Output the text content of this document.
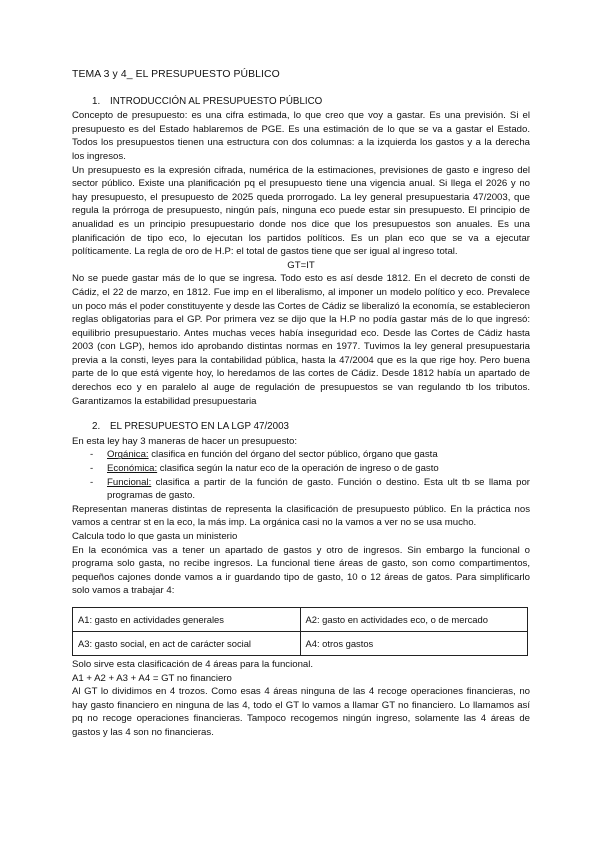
TEMA 3 y 4_ EL PRESUPUESTO PÚBLICO
1. INTRODUCCIÓN AL PRESUPUESTO PÚBLICO

Concepto de presupuesto: es una cifra estimada, lo que creo que voy a gastar. Es una previsión. Si el presupuesto es del Estado hablaremos de PGE. Es una estimación de lo que se va a gastar el Estado. Todos los presupuestos tienen una estructura con dos columnas: a la izquierda los gastos y a la derecha los ingresos.

Un presupuesto es la expresión cifrada, numérica de la estimaciones, previsiones de gasto e ingreso del sector público. Existe una planificación pq el presupuesto tiene una vigencia anual. Si llega el 2026 y no hay presupuesto, el presupuesto de 2025 queda prorrogado. La ley general presupuestaria 47/2003, que regula la prórroga de presupuesto, ningún país, ninguna eco puede estar sin presupuesto. El principio de anualidad es un principio presupuestario donde nos dice que los presupuestos son anuales. Es una planificación de tipo eco, lo ejecutan los partidos políticos. Es un plan eco que se va a ejecutar políticamente. La regla de oro de H.P: el total de gastos tiene que ser igual al ingreso total.

GT=IT

No se puede gastar más de lo que se ingresa. Todo esto es así desde 1812. En el decreto de consti de Cádiz, el 22 de marzo, en 1812. Fue imp en el liberalismo, al imponer un modelo político y eco. Prevalece un poco más el poder constituyente y desde las Cortes de Cádiz se liberalizó la economía, se establecieron reglas obligatorias para el GP. Por primera vez se dijo que la H.P no podía gastar más de lo que ingresó: equilibrio presupuestario. Antes muchas veces había inseguridad eco. Desde las Cortes de Cádiz hasta 2003 (con LGP), hemos ido aprobando distintas normas en 1977. Tuvimos la ley general presupuestaria previa a la consti, leyes para la contabilidad pública, hasta la 47/2004 que es la que rige hoy. Pero buena parte de lo que está vigente hoy, lo heredamos de las cortes de Cádiz. Desde 1812 había un apartado de derechos eco y en paralelo al auge de regulación de presupuestos se van regulando tb los tributos. Garantizamos la estabilidad presupuestaria

2. EL PRESUPUESTO EN LA LGP 47/2003

En esta ley hay 3 maneras de hacer un presupuesto:

- Orgánica: clasifica en función del órgano del sector público, órgano que gasta
- Económica: clasifica según la natur eco de la operación de ingreso o de gasto
- Funcional: clasifica a partir de la función de gasto. Función o destino. Esta ult tb se llama por programas de gasto.

Representan maneras distintas de representa la clasificación de presupuesto público. En la práctica nos vamos a centrar st en la eco, la más imp. La orgánica casi no la vamos a ver no se usa mucho.

Calcula todo lo que gasta un ministerio

En la económica vas a tener un apartado de gastos y otro de ingresos. Sin embargo la funcional o programa solo gasta, no recibe ingresos. La funcional tiene áreas de gasto, son como compartimentos, pequeños cajones donde vamos a ir guardando tipo de gasto, 10 o 12 áreas de gatos. Para simplificarlo solo vamos a trabajar 4:

A1: gasto en actividades generales	A2: gasto en actividades eco, o de mercado
A3: gasto social, en act de carácter social	A4: otros gastos

Solo sirve esta clasificación de 4 áreas para la funcional.

A1 + A2 + A3 + A4 = GT no financiero

Al GT lo dividimos en 4 trozos. Como esas 4 áreas ninguna de las 4 recoge operaciones financieras, no hay gasto financiero en ninguna de las 4, todo el GT lo vamos a llamar GT no financiero. Lo llamamos así pq no recoge operaciones financieras. Tampoco recogemos ningún ingreso, solamente las 4 áreas de gastos y las 4 son no financieras.
